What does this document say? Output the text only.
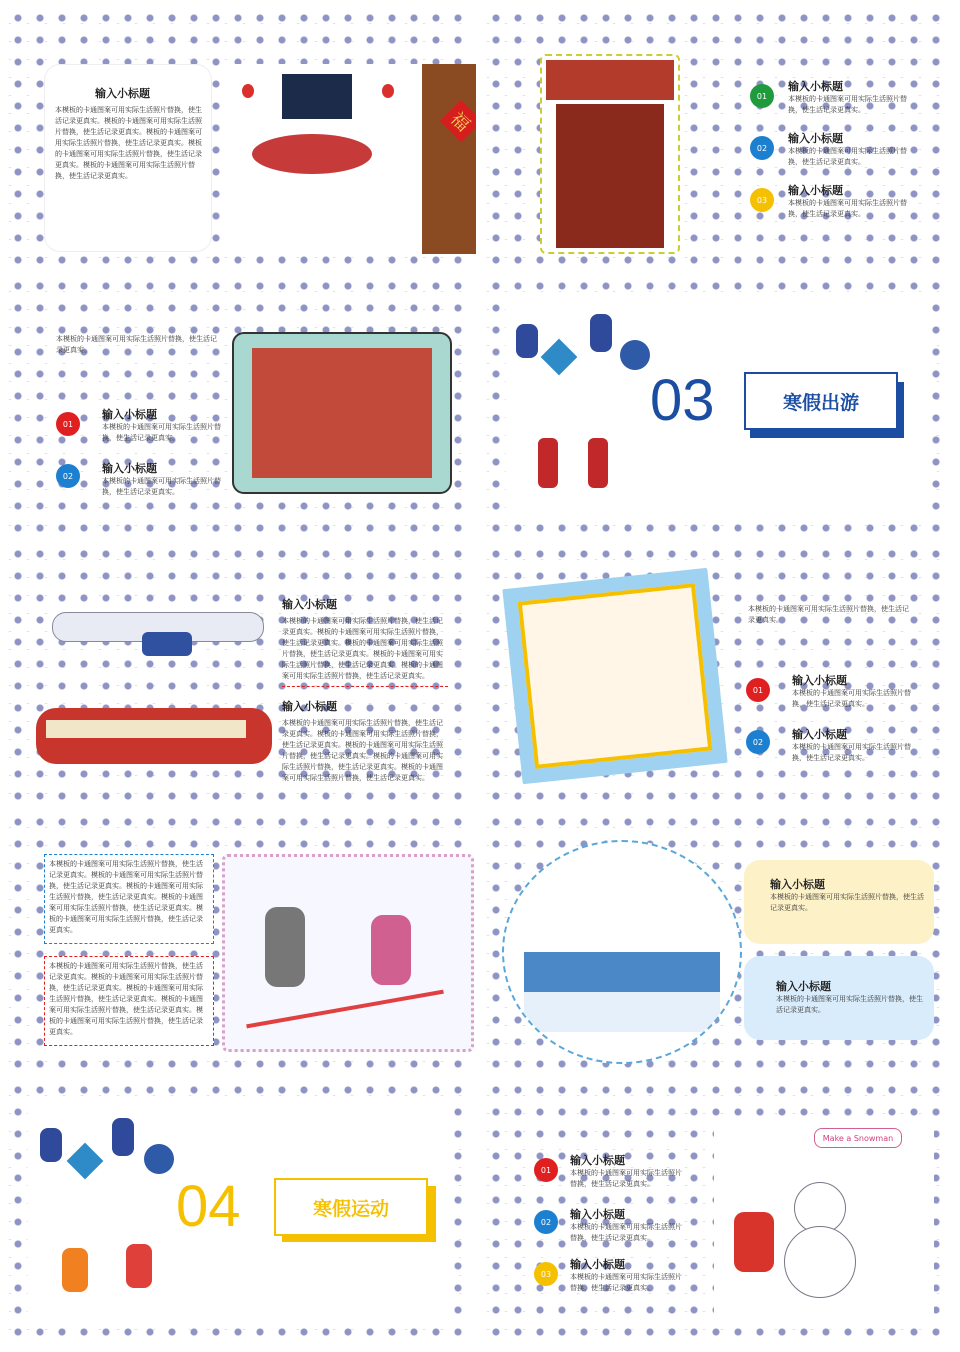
输入小标题
本模板的卡通图案可用实际生活照片替换，使生活记录更真实。模板的卡通图案可用实际生活照片替换，使生活记录更真实。模板的卡通图案可用实际生活照片替换，使生活记录更真实。模板的卡通图案可用实际生活照片替换，使生活记录更真实。模板的卡通图案可用实际生活照片替换，使生活记录更真实。
福
01
输入小标题
本模板的卡通图案可用实际生活照片替换，使生活记录更真实。
02
输入小标题
本模板的卡通图案可用实际生活照片替换，使生活记录更真实。
03
输入小标题
本模板的卡通图案可用实际生活照片替换，使生活记录更真实。
本模板的卡通图案可用实际生活照片替换，使生活记录更真实。
01
输入小标题
本模板的卡通图案可用实际生活照片替换，使生活记录更真实。
02
输入小标题
本模板的卡通图案可用实际生活照片替换，使生活记录更真实。
03	寒假出游
输入小标题
本模板的卡通图案可用实际生活照片替换，使生活记录更真实。模板的卡通图案可用实际生活照片替换，使生活记录更真实。模板的卡通图案可用实际生活照片替换，使生活记录更真实。模板的卡通图案可用实际生活照片替换，使生活记录更真实。模板的卡通图案可用实际生活照片替换，使生活记录更真实。
输入小标题
本模板的卡通图案可用实际生活照片替换，使生活记录更真实。模板的卡通图案可用实际生活照片替换，使生活记录更真实。模板的卡通图案可用实际生活照片替换，使生活记录更真实。模板的卡通图案可用实际生活照片替换，使生活记录更真实。模板的卡通图案可用实际生活照片替换，使生活记录更真实。
本模板的卡通图案可用实际生活照片替换，使生活记录更真实。
01
输入小标题
本模板的卡通图案可用实际生活照片替换，使生活记录更真实。
02
输入小标题
本模板的卡通图案可用实际生活照片替换，使生活记录更真实。
本模板的卡通图案可用实际生活照片替换，使生活记录更真实。模板的卡通图案可用实际生活照片替换，使生活记录更真实。模板的卡通图案可用实际生活照片替换，使生活记录更真实。模板的卡通图案可用实际生活照片替换，使生活记录更真实。模板的卡通图案可用实际生活照片替换，使生活记录更真实。
本模板的卡通图案可用实际生活照片替换，使生活记录更真实。模板的卡通图案可用实际生活照片替换，使生活记录更真实。模板的卡通图案可用实际生活照片替换，使生活记录更真实。模板的卡通图案可用实际生活照片替换，使生活记录更真实。模板的卡通图案可用实际生活照片替换，使生活记录更真实。
输入小标题
本模板的卡通图案可用实际生活照片替换，使生活记录更真实。
输入小标题
本模板的卡通图案可用实际生活照片替换，使生活记录更真实。
04	寒假运动
01
输入小标题
本模板的卡通图案可用实际生活照片替换，使生活记录更真实。
02
输入小标题
本模板的卡通图案可用实际生活照片替换，使生活记录更真实。
03
输入小标题
本模板的卡通图案可用实际生活照片替换，使生活记录更真实。
Make a Snowman
